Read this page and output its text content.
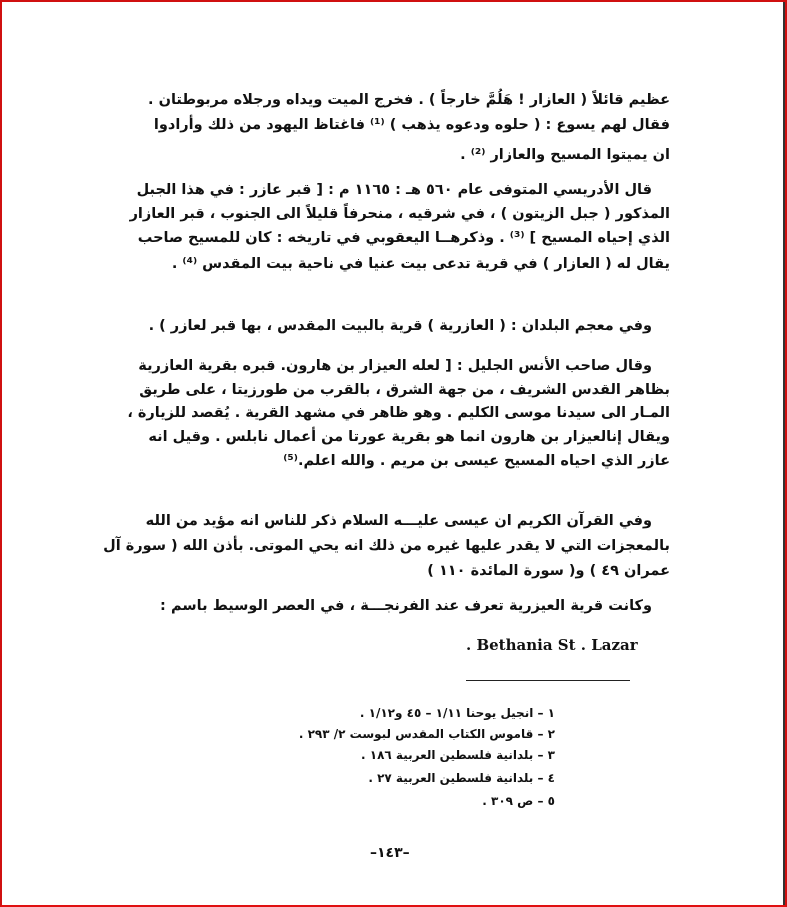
عظيم قائلاً ( العازار ! هَلُمَّ خارجاً ) . فخرج الميت ويداه ورجلاه مربوطتان .
فقال لهم يسوع : ( حلوه ودعوه يذهب ) ⁽¹⁾ فاغتاظ اليهود من ذلك وأرادوا
ان يميتوا المسيح والعازار ⁽²⁾ .
قال الأدريسي المتوفى عام ٥٦٠ هـ : ١١٦٥ م : [ قبر عازر : في هذا الجبل
المذكور ( جبل الزيتون ) ، في شرقيه ، منحرفاً قليلاً الى الجنوب ، قبر العازار
الذي إحياه المسيح ] ⁽³⁾ . وذكرهــا اليعقوبي في تاريخه : كان للمسيح صاحب
يقال له ( العازار ) في قرية تدعى بيت عنيا في ناحية بيت المقدس ⁽⁴⁾ .
وفي معجم البلدان : ( العازرية ) قرية بالبيت المقدس ، بها قبر لعازر ) .
وقال صاحب الأنس الجليل : [ لعله العيزار بن هارون. قبره بقرية العازرية
بظاهر القدس الشريف ، من جهة الشرق ، بالقرب من طورزيتا ، على طريق
المـار الى سيدنا موسى الكليم . وهو ظاهر في مشهد القرية . يُقصد للزيارة ،
ويقال إنالعيزار بن هارون انما هو بقرية عورتا من أعمال نابلس . وقيل انه
عازر الذي احياه المسيح عيسى بن مريم . والله اعلم.⁽⁵⁾
وفي القرآن الكريم ان عيسى عليـــه السلام ذكر للناس انه مؤيد من الله
بالمعجزات التي لا يقدر عليها غيره من ذلك انه يحي الموتى. بأذن الله ( سورة آل
عمران ٤٩ ) و( سورة المائدة ١١٠ )
وكانت قرية العيزرية تعرف عند الفرنجـــة ، في العصر الوسيط باسم :
. Bethania St . Lazar
١ – انجيل يوحنا ١/١١ – ٤٥ و١/١٢ .
٢ – قاموس الكتاب المقدس لبوست ٢/ ٢٩٣ .
٣ – بلدانية فلسطين العربية ١٨٦ .
٤ – بلدانية فلسطين العربية ٢٧ .
٥ – ص ٣٠٩ .
–١٤٣–
